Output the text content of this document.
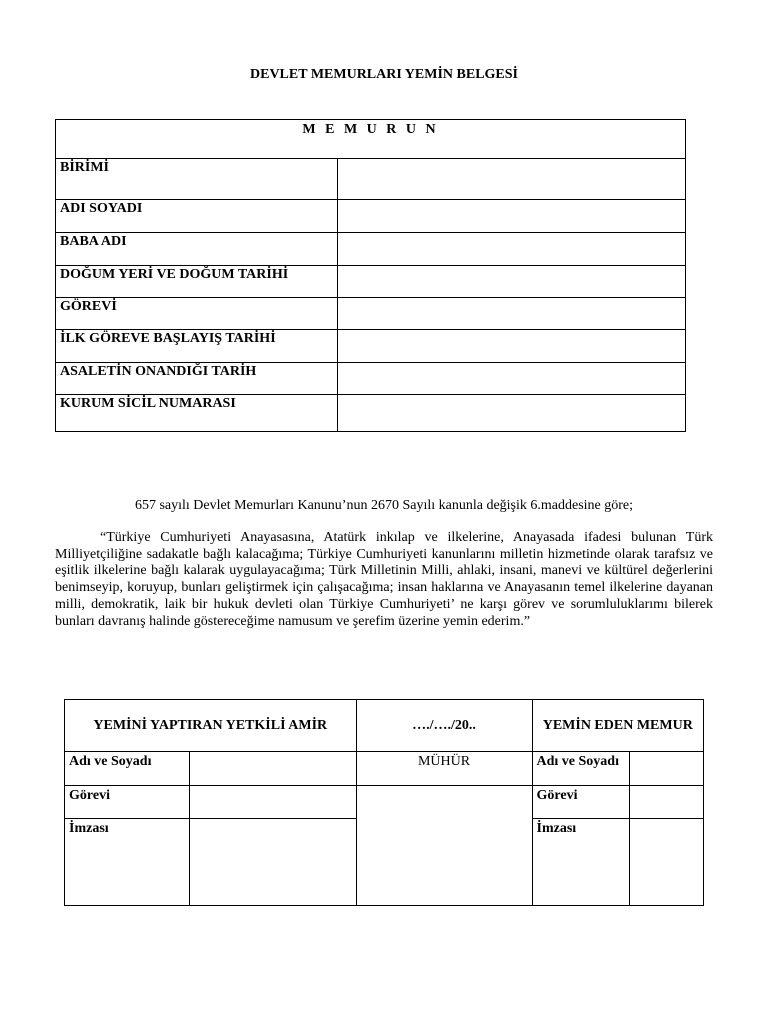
DEVLET MEMURLARI YEMİN BELGESİ
M E M U R U N	
BİRİMİ	
ADI SOYADI	
BABA ADI	
DOĞUM YERİ VE DOĞUM TARİHİ	
GÖREVİ	
İLK GÖREVE BAŞLAYIŞ TARİHİ	
ASALETİN ONANDIĞI TARİH	
KURUM SİCİL NUMARASI	
657 sayılı Devlet Memurları Kanunu’nun 2670 Sayılı kanunla değişik 6.maddesine göre;
“Türkiye Cumhuriyeti Anayasasına, Atatürk inkılap ve ilkelerine, Anayasada ifadesi bulunan Türk Milliyetçiliğine sadakatle bağlı kalacağıma; Türkiye Cumhuriyeti kanunlarını milletin hizmetinde olarak tarafsız ve eşitlik ilkelerine bağlı kalarak uygulayacağıma; Türk Milletinin Milli, ahlaki, insani, manevi ve kültürel değerlerini benimseyip, koruyup, bunları geliştirmek için çalışacağıma; insan haklarına ve Anayasanın temel ilkelerine dayanan milli, demokratik, laik bir hukuk devleti olan Türkiye Cumhuriyeti’ ne karşı görev ve sorumluluklarımı bilerek bunları davranış halinde göstereceğime namusum ve şerefim üzerine yemin ederim.”
YEMİNİ YAPTIRAN YETKİLİ AMİR		…./…./20..	YEMİN EDEN MEMUR	
Adı ve Soyadı		MÜHÜR	Adı ve Soyadı	
Görevi			Görevi	
İmzası			İmzası	
